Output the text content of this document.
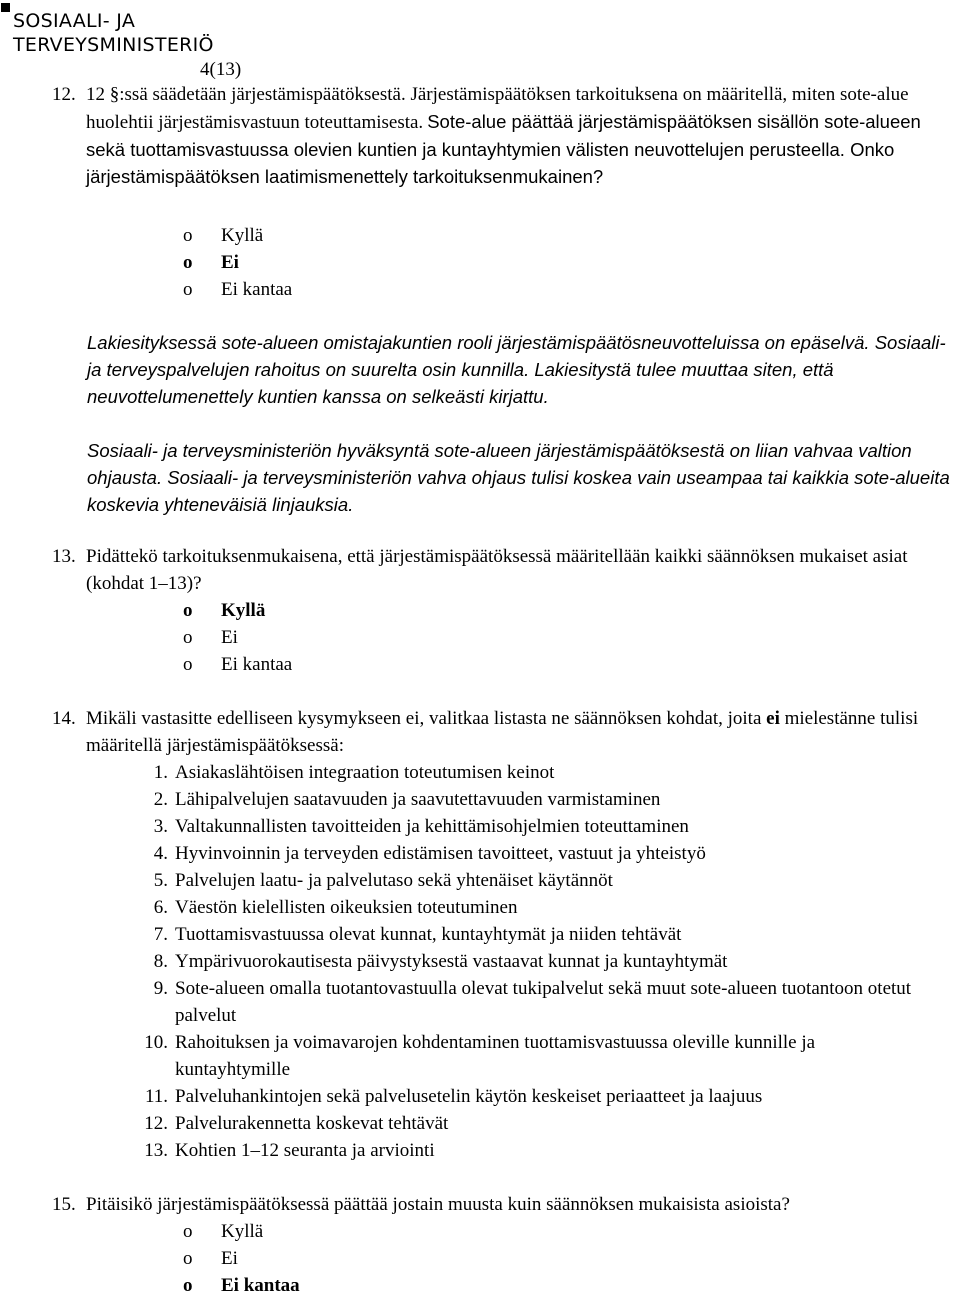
SOSIAALI- JA
TERVEYSMINISTERIÖ
4(13)
12. 12 §:ssä säädetään järjestämispäätöksestä. Järjestämispäätöksen tarkoituksena on määritellä, miten sote-alue huolehtii järjestämisvastuun toteuttamisesta. Sote-alue päättää järjestämispäätöksen sisällön sote-alueen sekä tuottamisvastuussa olevien kuntien ja kuntayhtymien välisten neuvottelujen perusteella. Onko järjestämispäätöksen laatimismenettely tarkoituksenmukainen?
o Kyllä
o Ei
o Ei kantaa
Lakiesityksessä sote-alueen omistajakuntien rooli järjestämispäätösneuvotteluissa on epäselvä. Sosiaali- ja terveyspalvelujen rahoitus on suurelta osin kunnilla. Lakiesitystä tulee muuttaa siten, että neuvottelumenettely kuntien kanssa on selkeästi kirjattu.
Sosiaali- ja terveysministeriön hyväksyntä sote-alueen järjestämispäätöksestä on liian vahvaa valtion ohjausta. Sosiaali- ja terveysministeriön vahva ohjaus tulisi koskea vain useampaa tai kaikkia sote-alueita koskevia yhteneväisiä linjauksia.
13. Pidättekö tarkoituksenmukaisena, että järjestämispäätöksessä määritellään kaikki säännöksen mukaiset asiat (kohdat 1–13)?
o Kyllä
o Ei
o Ei kantaa
14. Mikäli vastasitte edelliseen kysymykseen ei, valitkaa listasta ne säännöksen kohdat, joita ei mielestänne tulisi määritellä järjestämispäätöksessä:
1. Asiakaslähtöisen integraation toteutumisen keinot
2. Lähipalvelujen saatavuuden ja saavutettavuuden varmistaminen
3. Valtakunnallisten tavoitteiden ja kehittämisohjelmien toteuttaminen
4. Hyvinvoinnin ja terveyden edistämisen tavoitteet, vastuut ja yhteistyö
5. Palvelujen laatu- ja palvelutaso sekä yhtenäiset käytännöt
6. Väestön kielellisten oikeuksien toteutuminen
7. Tuottamisvastuussa olevat kunnat, kuntayhtymät ja niiden tehtävät
8. Ympärivuorokautisesta päivystyksestä vastaavat kunnat ja kuntayhtymät
9. Sote-alueen omalla tuotantovastuulla olevat tukipalvelut sekä muut sote-alueen tuotantoon otetut palvelut
10. Rahoituksen ja voimavarojen kohdentaminen tuottamisvastuussa oleville kunnille ja kuntayhtymille
11. Palveluhankintojen sekä palvelusetelin käytön keskeiset periaatteet ja laajuus
12. Palvelurakennetta koskevat tehtävät
13. Kohtien 1–12 seuranta ja arviointi
15. Pitäisikö järjestämispäätöksessä päättää jostain muusta kuin säännöksen mukaisista asioista?
o Kyllä
o Ei
o Ei kantaa
